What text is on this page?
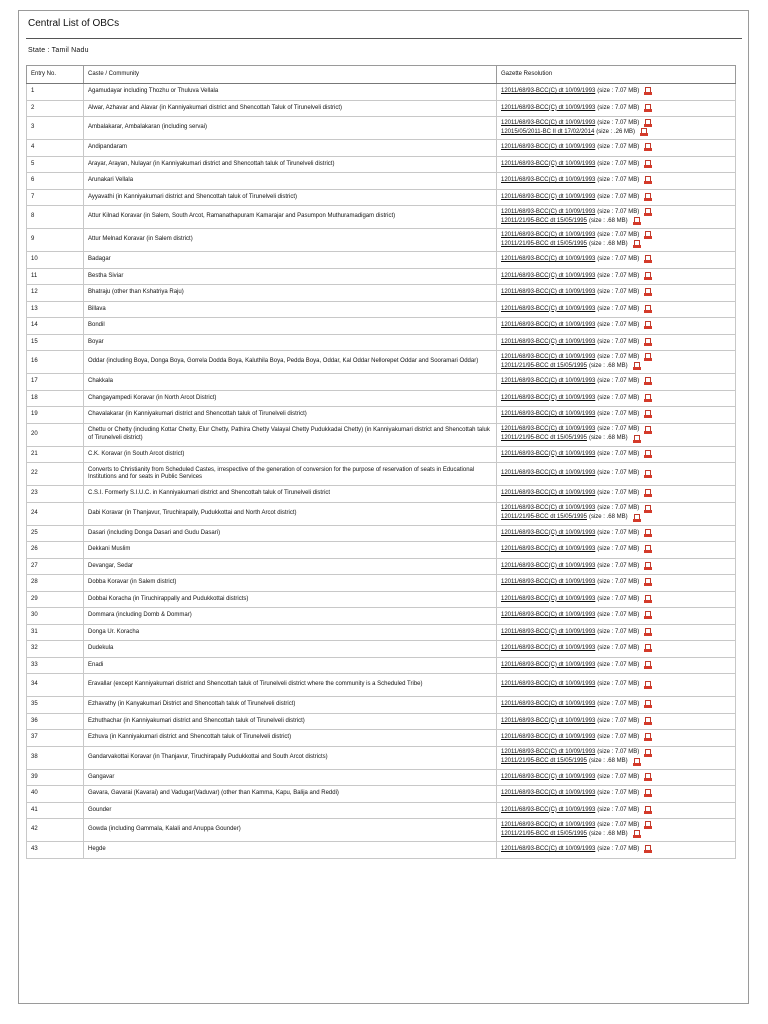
Central List of OBCs
State : Tamil Nadu
Entry No.	Caste / Community	Gazette Resolution
1	Agamudayar including Thozhu or Thuluva Vellala	12011/68/93-BCC(C) dt 10/09/1993 (size : 7.07 MB)

2	Alwar, Azhavar and Alavar (in Kanniyakumari district and Shencottah Taluk of Tirunelveli district)	12011/68/93-BCC(C) dt 10/09/1993 (size : 7.07 MB)

3	Ambalakarar, Ambalakaran (including servai)	12011/68/93-BCC(C) dt 10/09/1993 (size : 7.07 MB)
12015/05/2011-BC II dt 17/02/2014 (size : .26 MB)

4	Andipandaram	12011/68/93-BCC(C) dt 10/09/1993 (size : 7.07 MB)

5	Arayar, Arayan, Nulayar (in Kanniyakumari district and Shencottah taluk of Tirunelveli district)	12011/68/93-BCC(C) dt 10/09/1993 (size : 7.07 MB)

6	Arunakari Vellala	12011/68/93-BCC(C) dt 10/09/1993 (size : 7.07 MB)

7	Ayyavathi (in Kanniyakumari district and Shencottah taluk of Tirunelveli district)	12011/68/93-BCC(C) dt 10/09/1993 (size : 7.07 MB)

8	Attur Kilnad Koravar (in Salem, South Arcot, Ramanathapuram Kamarajar and Pasumpon Muthuramadigam district)	12011/68/93-BCC(C) dt 10/09/1993 (size : 7.07 MB)
12011/21/95-BCC dt 15/05/1995 (size : .68 MB)

9	Attur Melnad Koravar (in Salem district)	12011/68/93-BCC(C) dt 10/09/1993 (size : 7.07 MB)
12011/21/95-BCC dt 15/05/1995 (size : .68 MB)

10	Badagar	12011/68/93-BCC(C) dt 10/09/1993 (size : 7.07 MB)

11	Bestha Siviar	12011/68/93-BCC(C) dt 10/09/1993 (size : 7.07 MB)

12	Bhatraju (other than Kshatriya Raju)	12011/68/93-BCC(C) dt 10/09/1993 (size : 7.07 MB)

13	Billava	12011/68/93-BCC(C) dt 10/09/1993 (size : 7.07 MB)

14	Bondil	12011/68/93-BCC(C) dt 10/09/1993 (size : 7.07 MB)

15	Boyar	12011/68/93-BCC(C) dt 10/09/1993 (size : 7.07 MB)

16	Oddar (including Boya, Donga Boya, Gorrela Dodda Boya, Kaluthila Boya, Pedda Boya, Oddar, Kal Oddar Nellorepet Oddar and Sooramari Oddar)	12011/68/93-BCC(C) dt 10/09/1993 (size : 7.07 MB)
12011/21/95-BCC dt 15/05/1995 (size : .68 MB)

17	Chakkala	12011/68/93-BCC(C) dt 10/09/1993 (size : 7.07 MB)

18	Changayampedi Koravar (in North Arcot District)	12011/68/93-BCC(C) dt 10/09/1993 (size : 7.07 MB)

19	Chavalakarar (in Kanniyakumari district and Shencottah taluk of Tirunelveli district)	12011/68/93-BCC(C) dt 10/09/1993 (size : 7.07 MB)

20	Chettu or Chetty (including Kottar Chetty, Elur Chetty, Pathira Chetty Valayal Chetty Pudukkadai Chetty) (in Kanniyakumari district and Shencottah taluk of Tirunelveli district)	12011/68/93-BCC(C) dt 10/09/1993 (size : 7.07 MB)
12011/21/95-BCC dt 15/05/1995 (size : .68 MB)

21	C.K. Koravar (in South Arcot district)	12011/68/93-BCC(C) dt 10/09/1993 (size : 7.07 MB)

22	Converts to Christianity from Scheduled Castes, irrespective of the generation of conversion for the purpose of reservation of seats in Educational Institutions and for seats in Public Services	12011/68/93-BCC(C) dt 10/09/1993 (size : 7.07 MB)

23	C.S.I. Formerly S.I.U.C. in Kanniyakumari district and Shencottah taluk of Tirunelveli district	12011/68/93-BCC(C) dt 10/09/1993 (size : 7.07 MB)

24	Dabi Koravar (in Thanjavur, Tiruchirapally, Pudukkottai and North Arcot district)	12011/68/93-BCC(C) dt 10/09/1993 (size : 7.07 MB)
12011/21/95-BCC dt 15/05/1995 (size : .68 MB)

25	Dasari (including Donga Dasari and Gudu Dasari)	12011/68/93-BCC(C) dt 10/09/1993 (size : 7.07 MB)

26	Dekkani Muslim	12011/68/93-BCC(C) dt 10/09/1993 (size : 7.07 MB)

27	Devangar, Sedar	12011/68/93-BCC(C) dt 10/09/1993 (size : 7.07 MB)

28	Dobba Koravar (in Salem district)	12011/68/93-BCC(C) dt 10/09/1993 (size : 7.07 MB)

29	Dobbai Koracha (in Tiruchirappally and Pudukkottai districts)	12011/68/93-BCC(C) dt 10/09/1993 (size : 7.07 MB)

30	Dommara (including Domb & Dommar)	12011/68/93-BCC(C) dt 10/09/1993 (size : 7.07 MB)

31	Donga Ur. Koracha	12011/68/93-BCC(C) dt 10/09/1993 (size : 7.07 MB)

32	Dudekula	12011/68/93-BCC(C) dt 10/09/1993 (size : 7.07 MB)

33	Enadi	12011/68/93-BCC(C) dt 10/09/1993 (size : 7.07 MB)

34	Eravallar (except Kanniyakumari district and Shencottah taluk of Tirunelveli district where the community is a Scheduled Tribe)	12011/68/93-BCC(C) dt 10/09/1993 (size : 7.07 MB)

35	Ezhavathy (in Kanyakumari District and Shencottah taluk of Tirunelveli district)	12011/68/93-BCC(C) dt 10/09/1993 (size : 7.07 MB)

36	Ezhuthachar (in Kanniyakumari district and Shencottah taluk of Tirunelveli district)	12011/68/93-BCC(C) dt 10/09/1993 (size : 7.07 MB)

37	Ezhuva (in Kanniyakumari district and Shencottah taluk of Tirunelveli district)	12011/68/93-BCC(C) dt 10/09/1993 (size : 7.07 MB)

38	Gandarvakottai Koravar (in Thanjavur, Tiruchirapally Pudukkottai and South Arcot districts)	12011/68/93-BCC(C) dt 10/09/1993 (size : 7.07 MB)
12011/21/95-BCC dt 15/05/1995 (size : .68 MB)

39	Gangavar	12011/68/93-BCC(C) dt 10/09/1993 (size : 7.07 MB)

40	Gavara, Gavarai (Kavarai) and Vadugar(Vaduvar) (other than Kamma, Kapu, Balija and Reddi)	12011/68/93-BCC(C) dt 10/09/1993 (size : 7.07 MB)

41	Gounder	12011/68/93-BCC(C) dt 10/09/1993 (size : 7.07 MB)

42	Gowda (including Gammala, Kalali and Anuppa Gounder)	12011/68/93-BCC(C) dt 10/09/1993 (size : 7.07 MB)
12011/21/95-BCC dt 15/05/1995 (size : .68 MB)

43	Hegde	12011/68/93-BCC(C) dt 10/09/1993 (size : 7.07 MB)
